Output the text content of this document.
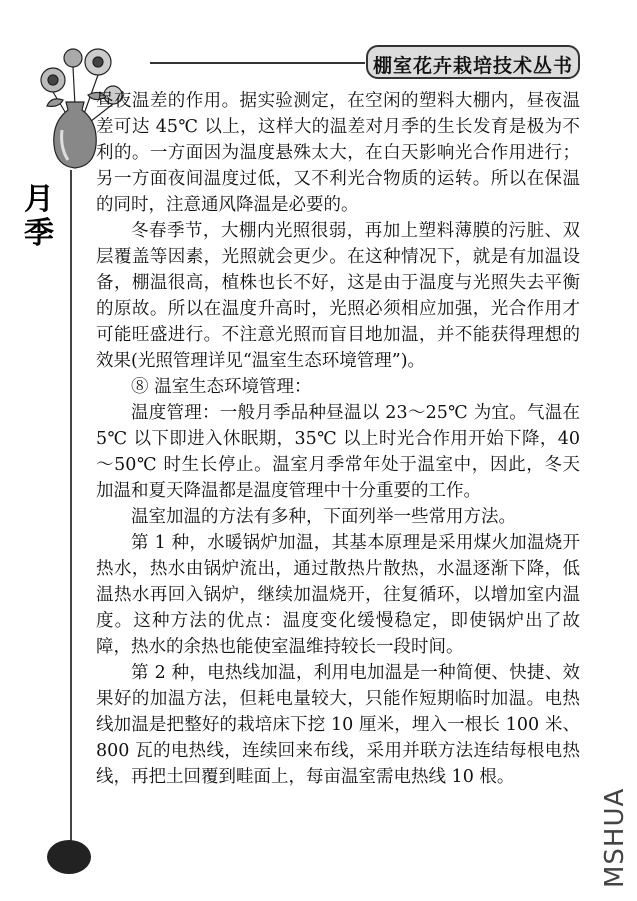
棚室花卉栽培技术丛书
月季

昼夜温差的作用。据实验测定，在空闲的塑料大棚内，昼夜温差可达 45℃ 以上，这样大的温差对月季的生长发育是极为不利的。一方面因为温度悬殊太大，在白天影响光合作用进行；另一方面夜间温度过低，又不利光合物质的运转。所以在保温的同时，注意通风降温是必要的。

冬春季节，大棚内光照很弱，再加上塑料薄膜的污脏、双层覆盖等因素，光照就会更少。在这种情况下，就是有加温设备，棚温很高，植株也长不好，这是由于温度与光照失去平衡的原故。所以在温度升高时，光照必须相应加强，光合作用才可能旺盛进行。不注意光照而盲目地加温，并不能获得理想的效果(光照管理详见“温室生态环境管理”)。

⑧ 温室生态环境管理：

温度管理：一般月季品种昼温以 23～25℃ 为宜。气温在 5℃ 以下即进入休眠期，35℃ 以上时光合作用开始下降，40～50℃ 时生长停止。温室月季常年处于温室中，因此，冬天加温和夏天降温都是温度管理中十分重要的工作。

温室加温的方法有多种，下面列举一些常用方法。

第 1 种，水暖锅炉加温，其基本原理是采用煤火加温烧开热水，热水由锅炉流出，通过散热片散热，水温逐渐下降，低温热水再回入锅炉，继续加温烧开，往复循环，以增加室内温度。这种方法的优点：温度变化缓慢稳定，即使锅炉出了故障，热水的余热也能使室温维持较长一段时间。

第 2 种，电热线加温，利用电加温是一种简便、快捷、效果好的加温方法，但耗电量较大，只能作短期临时加温。电热线加温是把整好的栽培床下挖 10 厘米，埋入一根长 100 米、800 瓦的电热线，连续回来布线，采用并联方法连结每根电热线，再把土回覆到畦面上，每亩温室需电热线 10 根。

MSHUA
